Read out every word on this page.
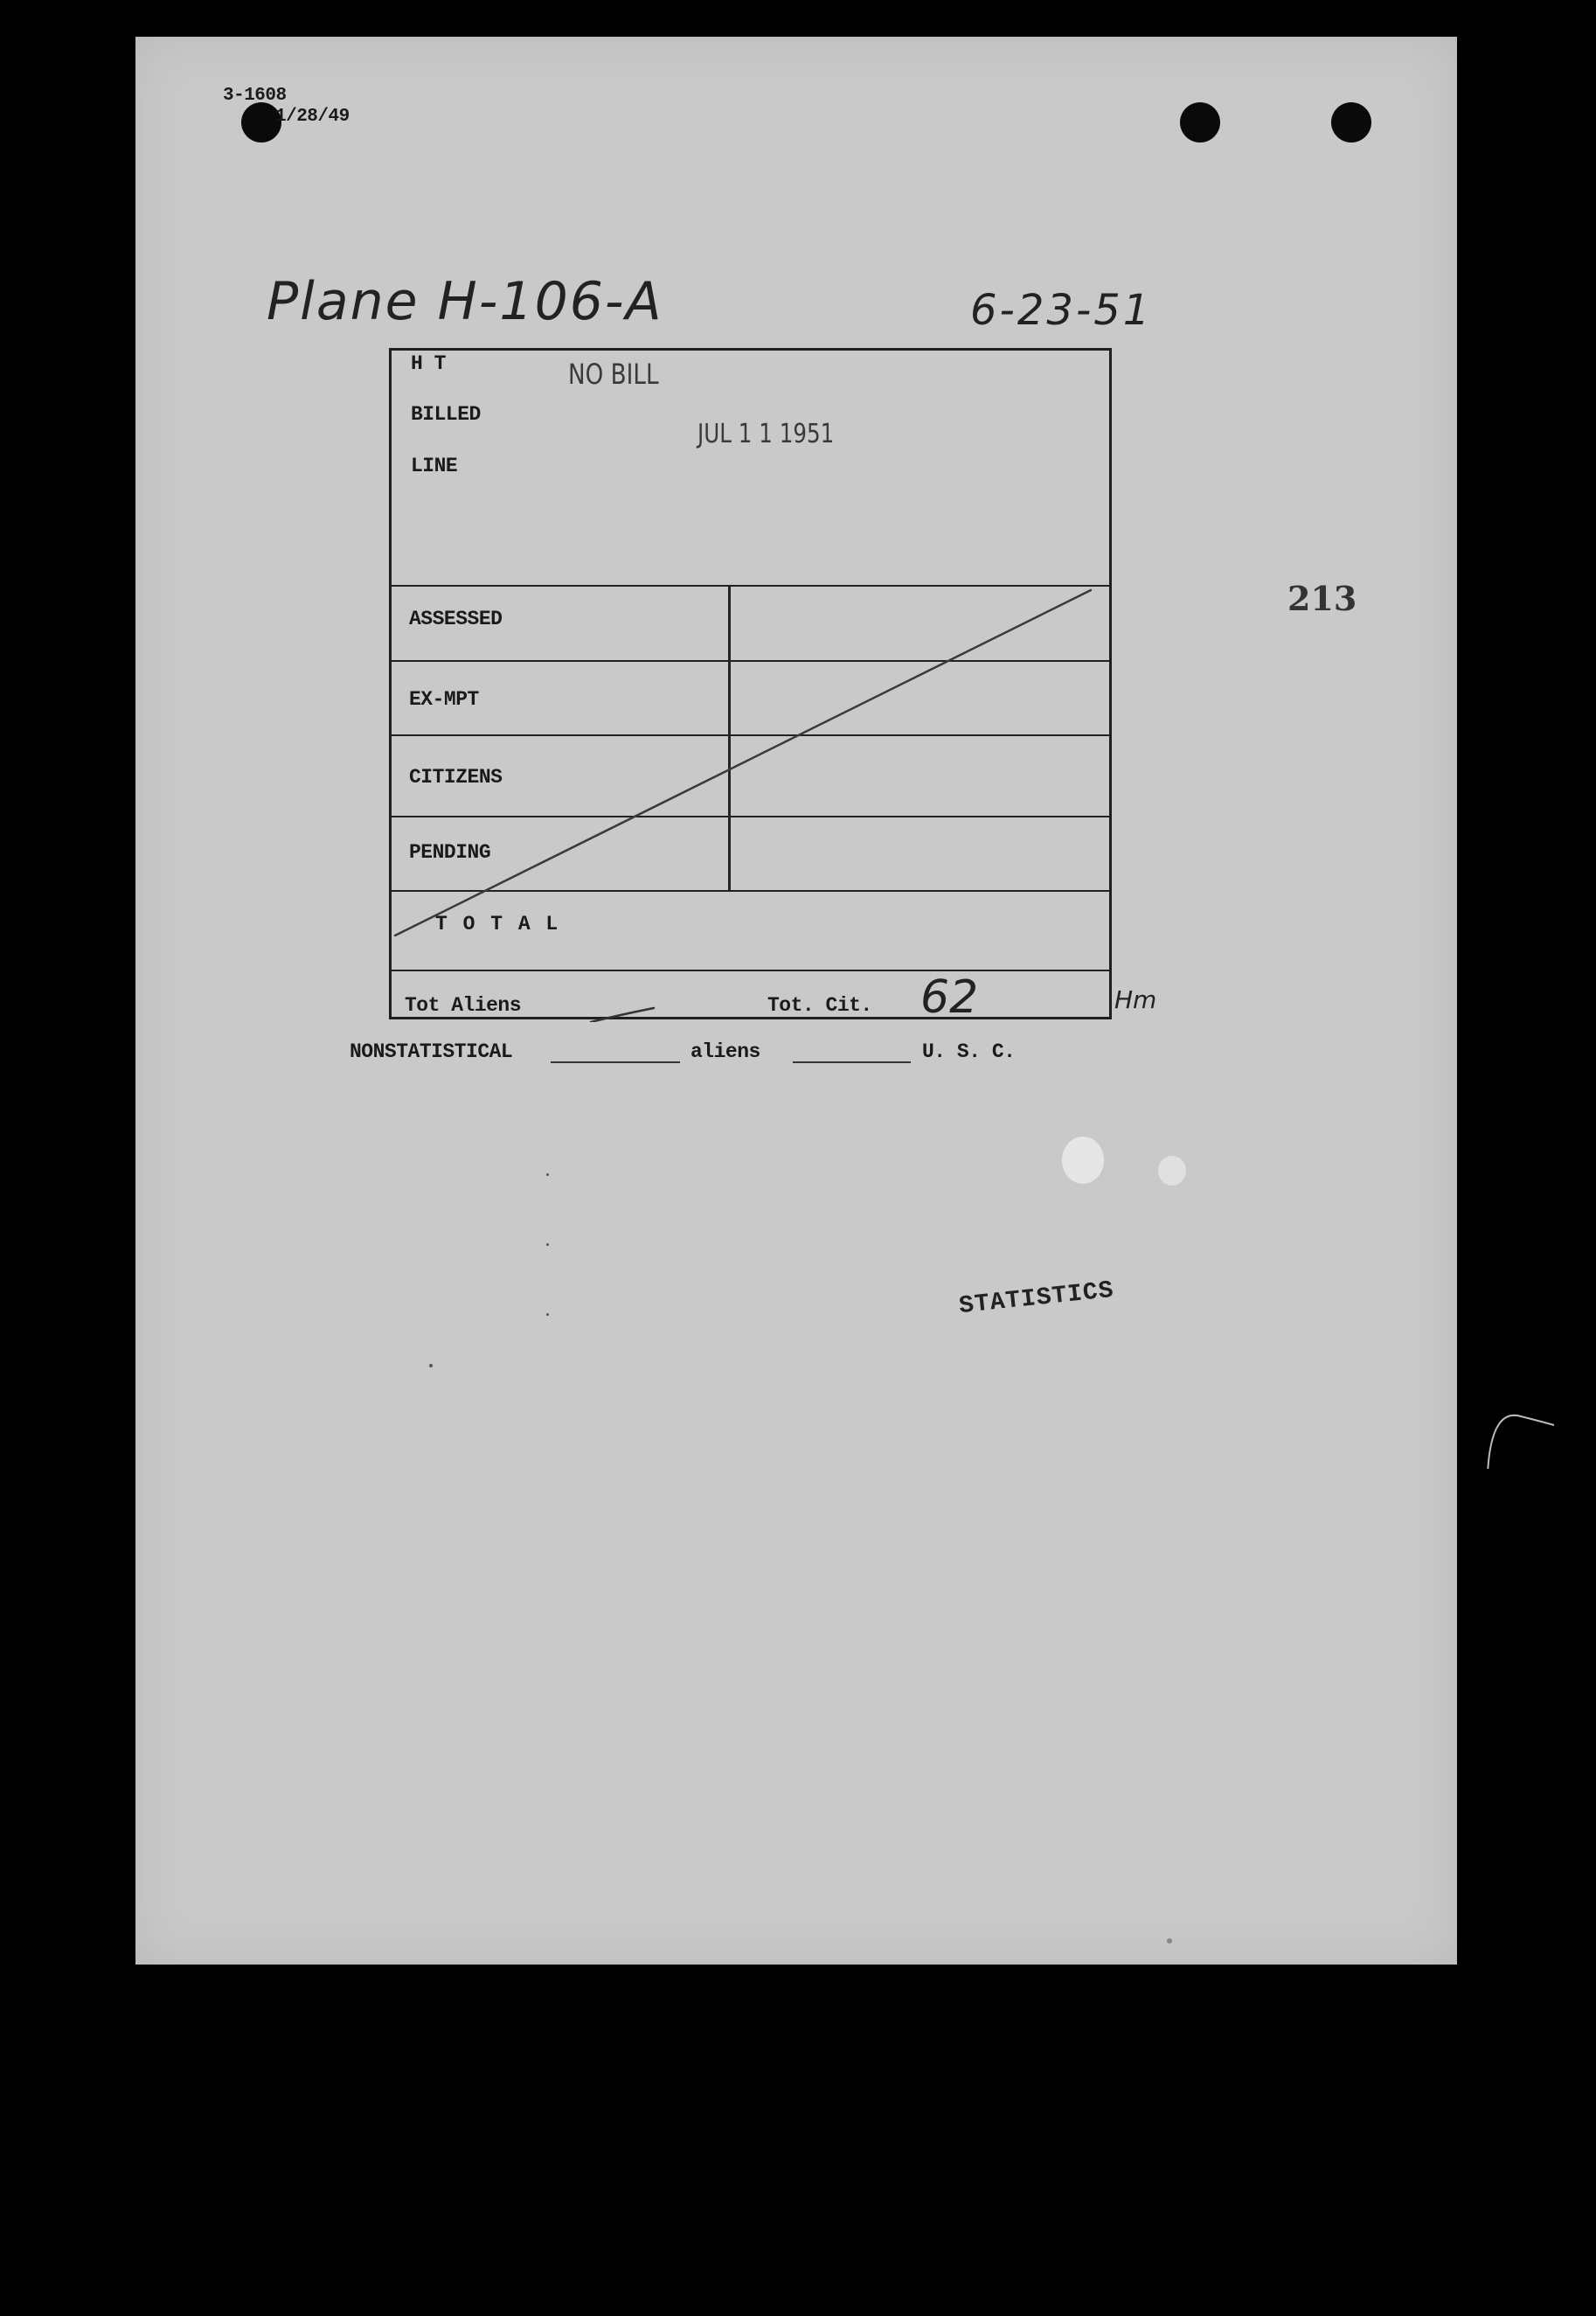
3-1608
1/28/49
Plane H-106-A	6-23-51
213
H T
BILLED
LINE
NO BILL
JUL 1 1 1951
ASSESSED
EX-MPT
CITIZENS
PENDING
T O T A L
Tot Aliens	Tot. Cit. 62	Hm
NONSTATISTICAL	aliens	U. S. C.
STATISTICS
